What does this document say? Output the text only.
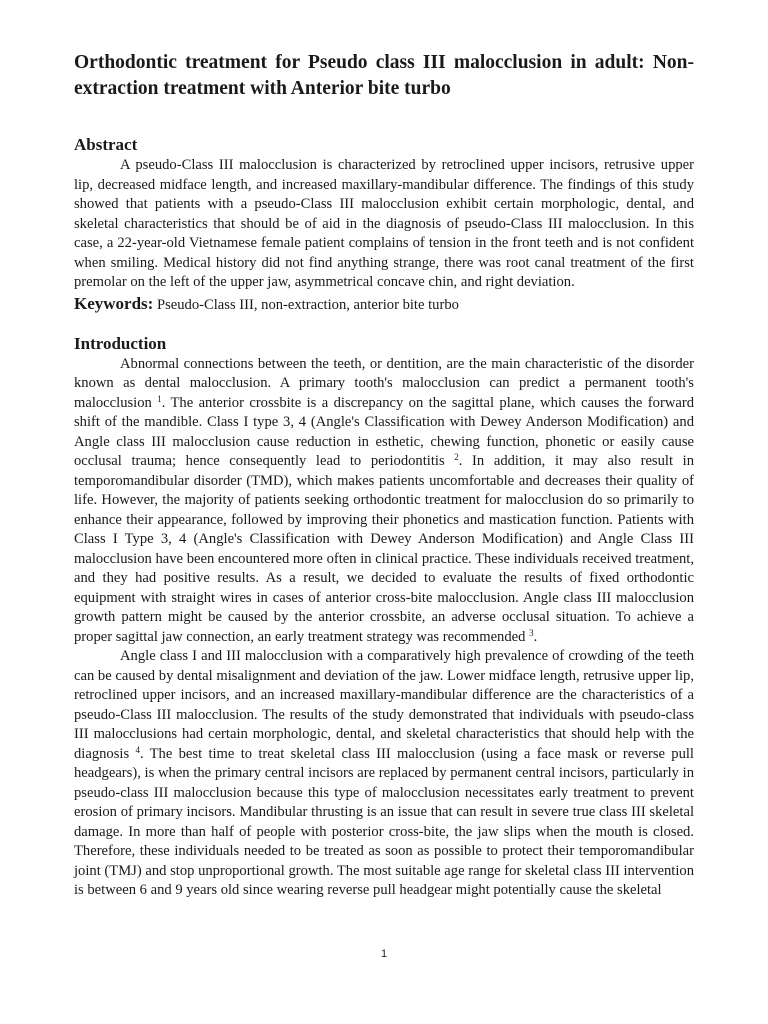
Orthodontic treatment for Pseudo class III malocclusion in adult: Non-extraction treatment with Anterior bite turbo
Abstract

A pseudo-Class III malocclusion is characterized by retroclined upper incisors, retrusive upper lip, decreased midface length, and increased maxillary-mandibular difference. The findings of this study showed that patients with a pseudo-Class III malocclusion exhibit certain morphologic, dental, and skeletal characteristics that should be of aid in the diagnosis of pseudo-Class III malocclusion. In this case, a 22-year-old Vietnamese female patient complains of tension in the front teeth and is not confident when smiling. Medical history did not find anything strange, there was root canal treatment of the first premolar on the left of the upper jaw, asymmetrical concave chin, and right deviation.

Keywords: Pseudo-Class III, non-extraction, anterior bite turbo

Introduction

Abnormal connections between the teeth, or dentition, are the main characteristic of the disorder known as dental malocclusion. A primary tooth's malocclusion can predict a permanent tooth's malocclusion $^1$. The anterior crossbite is a discrepancy on the sagittal plane, which causes the forward shift of the mandible. Class I type 3, 4 (Angle's Classification with Dewey Anderson Modification) and Angle class III malocclusion cause reduction in esthetic, chewing function, phonetic or easily cause occlusal trauma; hence consequently lead to periodontitis $^2$. In addition, it may also result in temporomandibular disorder (TMD), which makes patients uncomfortable and decreases their quality of life. However, the majority of patients seeking orthodontic treatment for malocclusion do so primarily to enhance their appearance, followed by improving their phonetics and mastication function. Patients with Class I Type 3, 4 (Angle's Classification with Dewey Anderson Modification) and Angle Class III malocclusion have been encountered more often in clinical practice. These individuals received treatment, and they had positive results. As a result, we decided to evaluate the results of fixed orthodontic equipment with straight wires in cases of anterior cross-bite malocclusion. Angle class III malocclusion growth pattern might be caused by the anterior crossbite, an adverse occlusal situation. To achieve a proper sagittal jaw connection, an early treatment strategy was recommended $^3$.

Angle class I and III malocclusion with a comparatively high prevalence of crowding of the teeth can be caused by dental misalignment and deviation of the jaw. Lower midface length, retrusive upper lip, retroclined upper incisors, and an increased maxillary-mandibular difference are the characteristics of a pseudo-Class III malocclusion. The results of the study demonstrated that individuals with pseudo-class III malocclusions had certain morphologic, dental, and skeletal characteristics that should help with the diagnosis $^4$. The best time to treat skeletal class III malocclusion (using a face mask or reverse pull headgears), is when the primary central incisors are replaced by permanent central incisors, particularly in pseudo-class III malocclusion because this type of malocclusion necessitates early treatment to prevent erosion of primary incisors. Mandibular thrusting is an issue that can result in severe true class III skeletal damage. In more than half of people with posterior cross-bite, the jaw slips when the mouth is closed. Therefore, these individuals needed to be treated as soon as possible to protect their temporomandibular joint (TMJ) and stop unproportional growth. The most suitable age range for skeletal class III intervention is between 6 and 9 years old since wearing reverse pull headgear might potentially cause the skeletal

1
